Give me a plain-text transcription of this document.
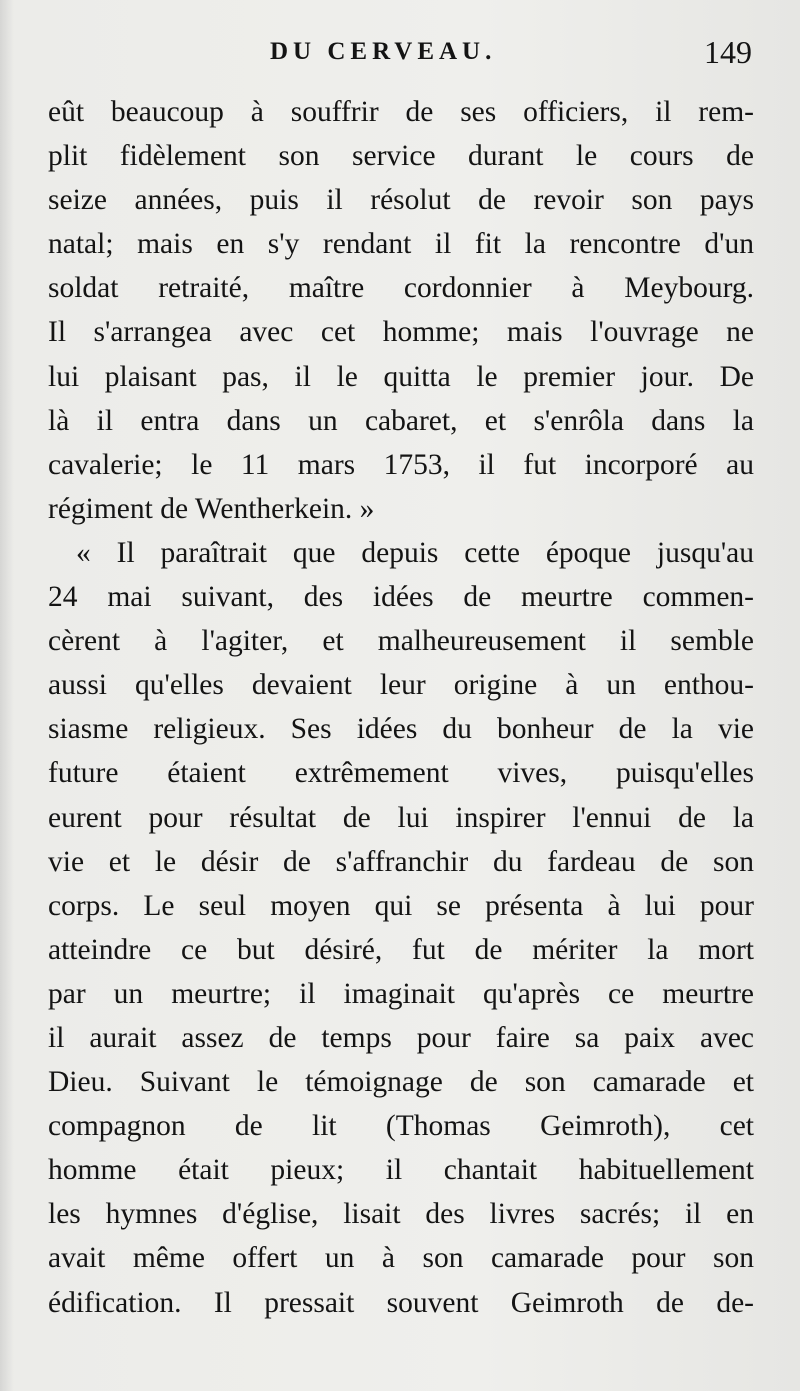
DU CERVEAU.	149
eût beaucoup à souffrir de ses officiers, il rem-
plit fidèlement son service durant le cours de
seize années, puis il résolut de revoir son pays
natal; mais en s'y rendant il fit la rencontre d'un
soldat retraité, maître cordonnier à Meybourg.
Il s'arrangea avec cet homme; mais l'ouvrage ne
lui plaisant pas, il le quitta le premier jour. De
là il entra dans un cabaret, et s'enrôla dans la
cavalerie; le 11 mars 1753, il fut incorporé au
régiment de Wentherkein. »
« Il paraîtrait que depuis cette époque jusqu'au
24 mai suivant, des idées de meurtre commen-
cèrent à l'agiter, et malheureusement il semble
aussi qu'elles devaient leur origine à un enthou-
siasme religieux. Ses idées du bonheur de la vie
future étaient extrêmement vives, puisqu'elles
eurent pour résultat de lui inspirer l'ennui de la
vie et le désir de s'affranchir du fardeau de son
corps. Le seul moyen qui se présenta à lui pour
atteindre ce but désiré, fut de mériter la mort
par un meurtre; il imaginait qu'après ce meurtre
il aurait assez de temps pour faire sa paix avec
Dieu. Suivant le témoignage de son camarade et
compagnon de lit (Thomas Geimroth), cet
homme était pieux; il chantait habituellement
les hymnes d'église, lisait des livres sacrés; il en
avait même offert un à son camarade pour son
édification. Il pressait souvent Geimroth de de-
